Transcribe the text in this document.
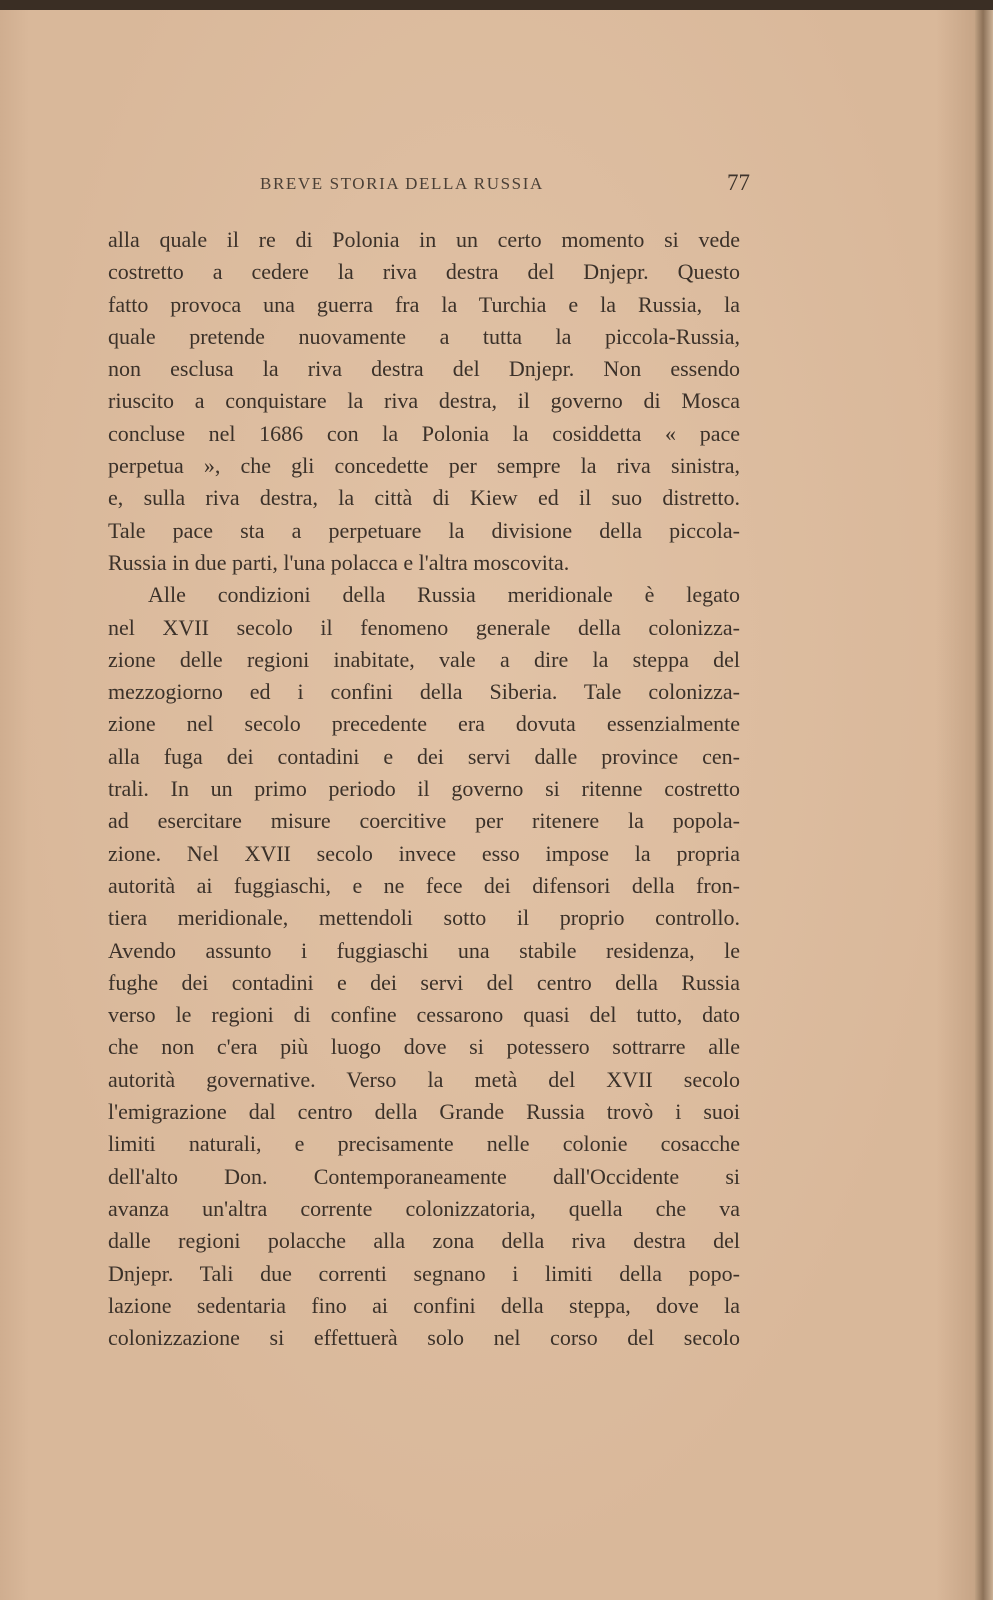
BREVE STORIA DELLA RUSSIA	77
alla quale il re di Polonia in un certo momento si vede
costretto a cedere la riva destra del Dnjepr. Questo
fatto provoca una guerra fra la Turchia e la Russia, la
quale pretende nuovamente a tutta la piccola-Russia,
non esclusa la riva destra del Dnjepr. Non essendo
riuscito a conquistare la riva destra, il governo di Mosca
concluse nel 1686 con la Polonia la cosiddetta « pace
perpetua », che gli concedette per sempre la riva sinistra,
e, sulla riva destra, la città di Kiew ed il suo distretto.
Tale pace sta a perpetuare la divisione della piccola-
Russia in due parti, l'una polacca e l'altra moscovita.
Alle condizioni della Russia meridionale è legato
nel XVII secolo il fenomeno generale della colonizza-
zione delle regioni inabitate, vale a dire la steppa del
mezzogiorno ed i confini della Siberia. Tale colonizza-
zione nel secolo precedente era dovuta essenzialmente
alla fuga dei contadini e dei servi dalle province cen-
trali. In un primo periodo il governo si ritenne costretto
ad esercitare misure coercitive per ritenere la popola-
zione. Nel XVII secolo invece esso impose la propria
autorità ai fuggiaschi, e ne fece dei difensori della fron-
tiera meridionale, mettendoli sotto il proprio controllo.
Avendo assunto i fuggiaschi una stabile residenza, le
fughe dei contadini e dei servi del centro della Russia
verso le regioni di confine cessarono quasi del tutto, dato
che non c'era più luogo dove si potessero sottrarre alle
autorità governative. Verso la metà del XVII secolo
l'emigrazione dal centro della Grande Russia trovò i suoi
limiti naturali, e precisamente nelle colonie cosacche
dell'alto Don. Contemporaneamente dall'Occidente si
avanza un'altra corrente colonizzatoria, quella che va
dalle regioni polacche alla zona della riva destra del
Dnjepr. Tali due correnti segnano i limiti della popo-
lazione sedentaria fino ai confini della steppa, dove la
colonizzazione si effettuerà solo nel corso del secolo
